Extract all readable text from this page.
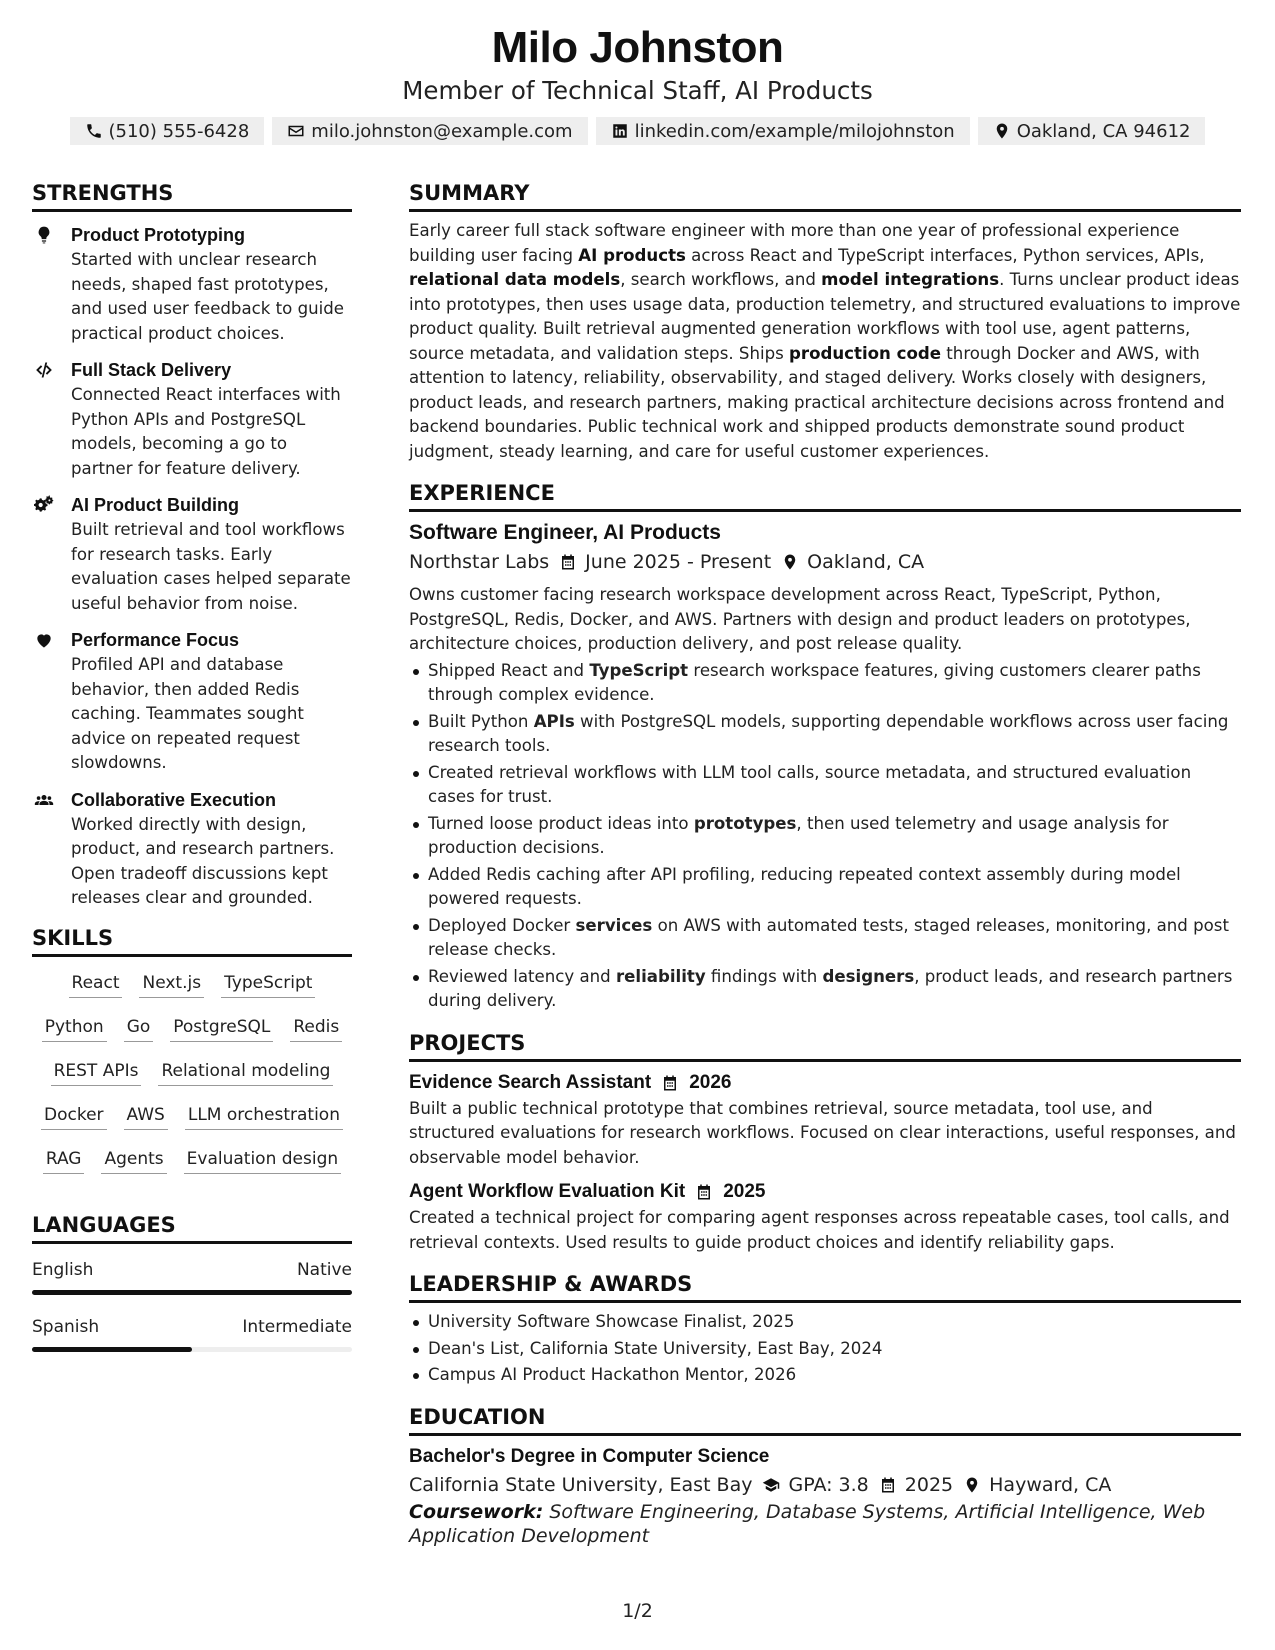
Milo Johnston
Member of Technical Staff, AI Products
(510) 555-6428	milo.johnston@example.com	linkedin.com/example/milojohnston	Oakland, CA 94612
STRENGTHS
Product Prototyping
Started with unclear research needs, shaped fast prototypes, and used user feedback to guide practical product choices.
Full Stack Delivery
Connected React interfaces with Python APIs and PostgreSQL models, becoming a go to partner for feature delivery.
AI Product Building
Built retrieval and tool workflows for research tasks. Early evaluation cases helped separate useful behavior from noise.
Performance Focus
Profiled API and database behavior, then added Redis caching. Teammates sought advice on repeated request slowdowns.
Collaborative Execution
Worked directly with design, product, and research partners. Open tradeoff discussions kept releases clear and grounded.
SKILLS
React Next.js TypeScript
Python Go PostgreSQL Redis
REST APIs Relational modeling
Docker AWS LLM orchestration
RAG Agents Evaluation design
LANGUAGES
English	Native
Spanish	Intermediate
SUMMARY
Early career full stack software engineer with more than one year of professional experience building user facing AI products across React and TypeScript interfaces, Python services, APIs, relational data models, search workflows, and model integrations. Turns unclear product ideas into prototypes, then uses usage data, production telemetry, and structured evaluations to improve product quality. Built retrieval augmented generation workflows with tool use, agent patterns, source metadata, and validation steps. Ships production code through Docker and AWS, with attention to latency, reliability, observability, and staged delivery. Works closely with designers, product leads, and research partners, making practical architecture decisions across frontend and backend boundaries. Public technical work and shipped products demonstrate sound product judgment, steady learning, and care for useful customer experiences.
EXPERIENCE
Software Engineer, AI Products
Northstar Labs June 2025 - Present Oakland, CA
Owns customer facing research workspace development across React, TypeScript, Python, PostgreSQL, Redis, Docker, and AWS. Partners with design and product leaders on prototypes, architecture choices, production delivery, and post release quality.
Shipped React and TypeScript research workspace features, giving customers clearer paths through complex evidence.
Built Python APIs with PostgreSQL models, supporting dependable workflows across user facing research tools.
Created retrieval workflows with LLM tool calls, source metadata, and structured evaluation cases for trust.
Turned loose product ideas into prototypes, then used telemetry and usage analysis for production decisions.
Added Redis caching after API profiling, reducing repeated context assembly during model powered requests.
Deployed Docker services on AWS with automated tests, staged releases, monitoring, and post release checks.
Reviewed latency and reliability findings with designers, product leads, and research partners during delivery.
PROJECTS
Evidence Search Assistant 2026
Built a public technical prototype that combines retrieval, source metadata, tool use, and structured evaluations for research workflows. Focused on clear interactions, useful responses, and observable model behavior.
Agent Workflow Evaluation Kit 2025
Created a technical project for comparing agent responses across repeatable cases, tool calls, and retrieval contexts. Used results to guide product choices and identify reliability gaps.
LEADERSHIP & AWARDS
University Software Showcase Finalist, 2025
Dean's List, California State University, East Bay, 2024
Campus AI Product Hackathon Mentor, 2026
EDUCATION
Bachelor's Degree in Computer Science
California State University, East Bay GPA: 3.8 2025 Hayward, CA
Coursework: Software Engineering, Database Systems, Artificial Intelligence, Web Application Development
1/2
